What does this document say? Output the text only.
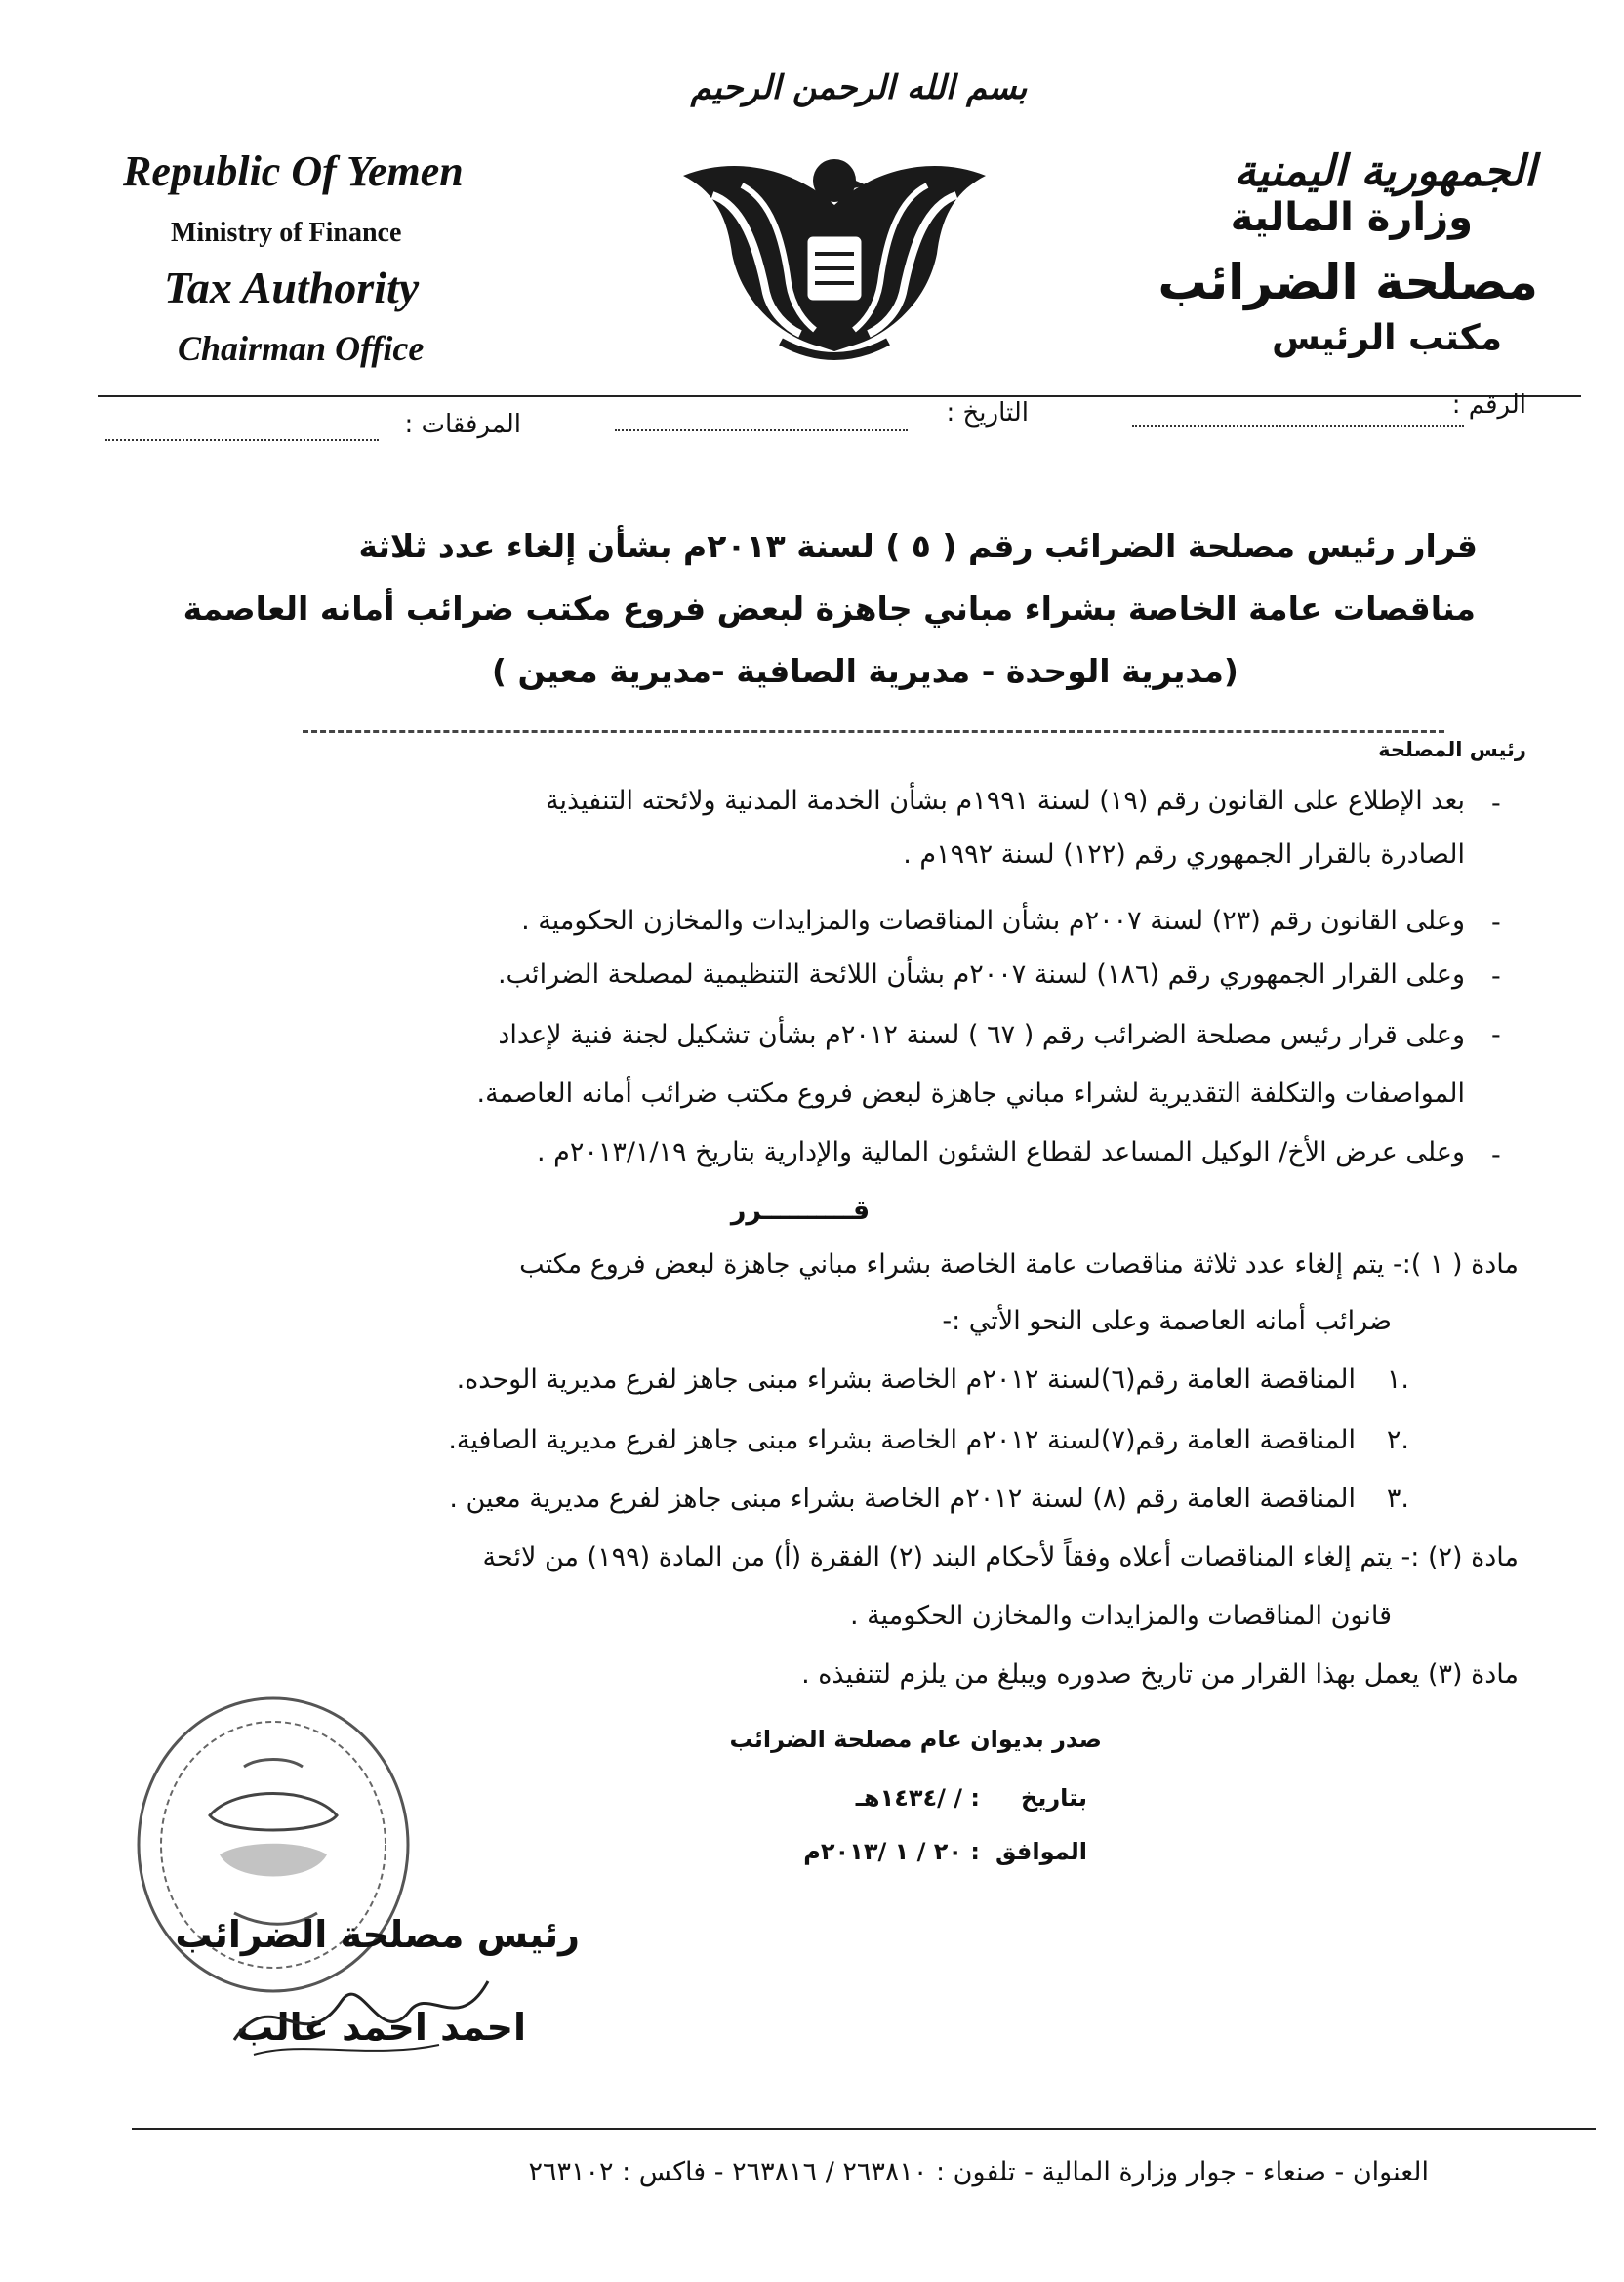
بسم الله الرحمن الرحيم
Republic Of Yemen
Ministry of Finance
Tax Authority
Chairman Office
الجمهورية اليمنية
وزارة المالية
مصلحة الضرائب
مكتب الرئيس
الرقم :
التاريخ :
المرفقات :
قرار رئيس مصلحة الضرائب رقم ( ٥ ) لسنة ٢٠١٣م بشأن إلغاء عدد ثلاثة
مناقصات عامة الخاصة بشراء مباني جاهزة لبعض فروع مكتب ضرائب أمانه العاصمة
(مديرية الوحدة - مديرية الصافية -مديرية معين )
رئيس المصلحة
-
بعد الإطلاع على القانون رقم (١٩) لسنة ١٩٩١م بشأن الخدمة المدنية ولائحته التنفيذية
الصادرة بالقرار الجمهوري رقم (١٢٢) لسنة ١٩٩٢م .
-
وعلى القانون رقم (٢٣) لسنة ٢٠٠٧م بشأن المناقصات والمزايدات والمخازن الحكومية .
-
وعلى القرار الجمهوري رقم (١٨٦) لسنة ٢٠٠٧م بشأن اللائحة التنظيمية لمصلحة الضرائب.
-
وعلى قرار رئيس مصلحة الضرائب رقم ( ٦٧ ) لسنة ٢٠١٢م بشأن تشكيل لجنة فنية لإعداد
المواصفات والتكلفة التقديرية لشراء مباني جاهزة لبعض فروع مكتب ضرائب أمانه العاصمة.
-
وعلى عرض الأخ/ الوكيل المساعد لقطاع الشئون المالية والإدارية بتاريخ ٢٠١٣/١/١٩م .
قــــــــــرر
مادة ( ١ ):- يتم إلغاء عدد ثلاثة مناقصات عامة الخاصة بشراء مباني جاهزة لبعض فروع مكتب
ضرائب أمانه العاصمة وعلى النحو الأتي :-
.١
المناقصة العامة رقم(٦)لسنة ٢٠١٢م الخاصة بشراء مبنى جاهز لفرع مديرية الوحده.
.٢
المناقصة العامة رقم(٧)لسنة ٢٠١٢م الخاصة بشراء مبنى جاهز لفرع مديرية الصافية.
.٣
المناقصة العامة رقم (٨) لسنة ٢٠١٢م الخاصة بشراء مبنى جاهز لفرع مديرية معين .
مادة (٢) :- يتم إلغاء المناقصات أعلاه وفقاً لأحكام البند (٢) الفقرة (أ) من المادة (١٩٩) من لائحة
قانون المناقصات والمزايدات والمخازن الحكومية .
مادة (٣) يعمل بهذا القرار من تاريخ صدوره ويبلغ من يلزم لتنفيذه .
صدر بديوان عام مصلحة الضرائب
بتاريخ
: / /١٤٣٤هـ
الموافق
: ٢٠ / ١ /٢٠١٣م
رئيس مصلحة الضرائب
احمد احمد غالب
العنوان - صنعاء - جوار وزارة المالية - تلفون : ٢٦٣٨١٠ / ٢٦٣٨١٦ - فاكس : ٢٦٣١٠٢
